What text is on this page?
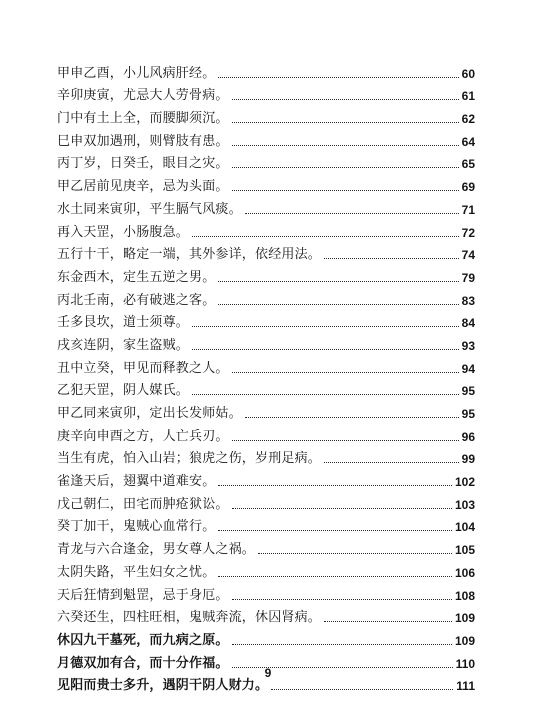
甲申乙酉，小儿风病肝经。	60
辛卯庚寅，尤忌大人劳骨病。	61
门中有土上全，而腰脚须沉。	62
巳申双加遇刑，则臂肢有患。	64
丙丁岁，日癸壬，眼目之灾。	65
甲乙居前见庚辛，忌为头面。	69
水土同来寅卯，平生膈气风痰。	71
再入天罡，小肠腹急。	72
五行十干，略定一端，其外参详，依经用法。	74
东金西木，定生五逆之男。	79
丙北壬南，必有破逃之客。	83
壬多艮坎，道士须尊。	84
戌亥连阴，家生盗贼。	93
丑中立癸，甲见而释教之人。	94
乙犯天罡，阴人媒氏。	95
甲乙同来寅卯，定出长发师姑。	95
庚辛向申酉之方，人亡兵刃。	96
当生有虎，怕入山岩；狼虎之伤，岁刑足病。	99
雀逢天后，翅翼中道难安。	102
戊己朝仁，田宅而肿疮狱讼。	103
癸丁加干，鬼贼心血常行。	104
青龙与六合逢金，男女尊人之祸。	105
太阴失路，平生妇女之忧。	106
天后狂情到魁罡，忌于身厄。	108
六癸还生，四柱旺相，鬼贼奔流，休囚肾病。	109
休囚九干墓死，而九病之原。	109
月德双加有合，而十分作福。	110
见阳而贵士多升，遇阴干阴人财力。	111
9
